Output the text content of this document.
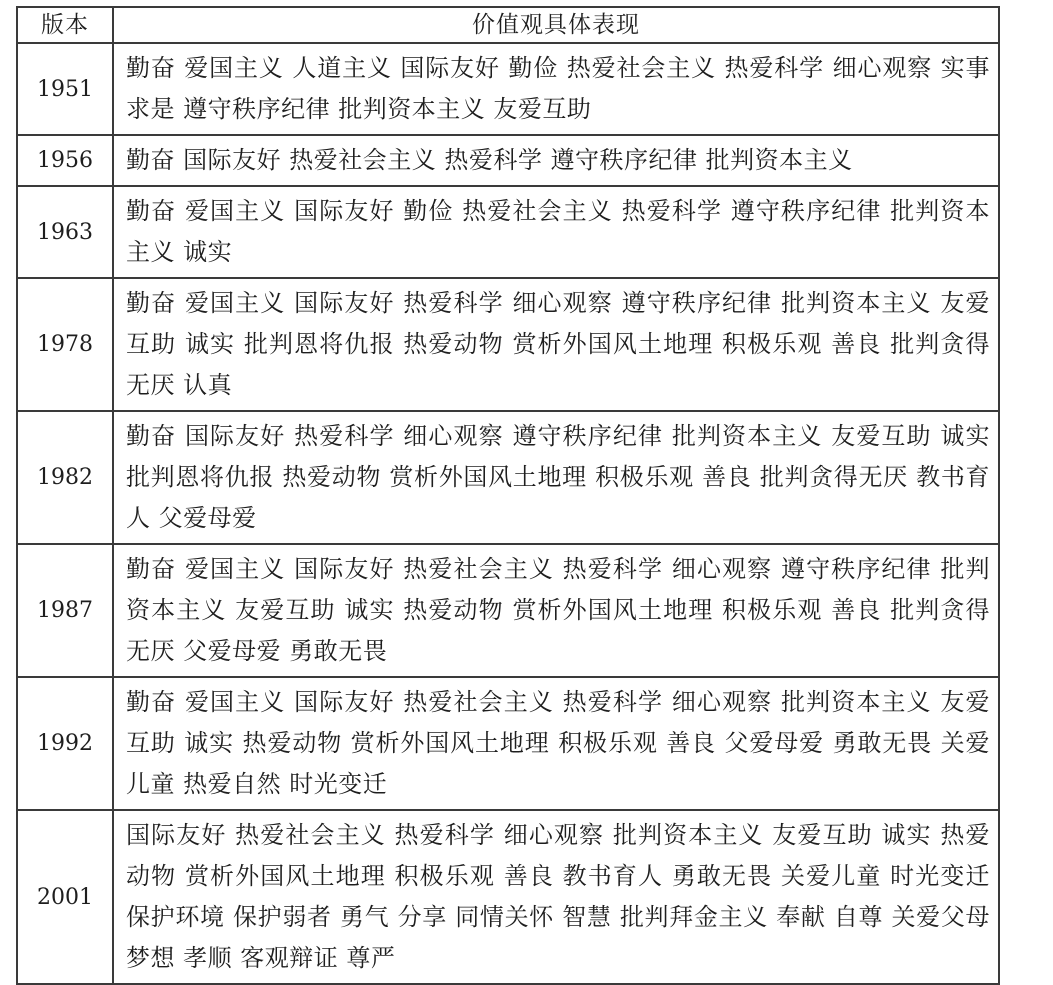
版本	价值观具体表现
1951	勤奋 爱国主义 人道主义 国际友好 勤俭 热爱社会主义 热爱科学 细心观察 实事求是 遵守秩序纪律 批判资本主义 友爱互助
1956	勤奋 国际友好 热爱社会主义 热爱科学 遵守秩序纪律 批判资本主义
1963	勤奋 爱国主义 国际友好 勤俭 热爱社会主义 热爱科学 遵守秩序纪律 批判资本主义 诚实
1978	勤奋 爱国主义 国际友好 热爱科学 细心观察 遵守秩序纪律 批判资本主义 友爱互助 诚实 批判恩将仇报 热爱动物 赏析外国风土地理 积极乐观 善良 批判贪得无厌 认真
1982	勤奋 国际友好 热爱科学 细心观察 遵守秩序纪律 批判资本主义 友爱互助 诚实 批判恩将仇报 热爱动物 赏析外国风土地理 积极乐观 善良 批判贪得无厌 教书育人 父爱母爱
1987	勤奋 爱国主义 国际友好 热爱社会主义 热爱科学 细心观察 遵守秩序纪律 批判资本主义 友爱互助 诚实 热爱动物 赏析外国风土地理 积极乐观 善良 批判贪得无厌 父爱母爱 勇敢无畏
1992	勤奋 爱国主义 国际友好 热爱社会主义 热爱科学 细心观察 批判资本主义 友爱互助 诚实 热爱动物 赏析外国风土地理 积极乐观 善良 父爱母爱 勇敢无畏 关爱儿童 热爱自然 时光变迁
2001	国际友好 热爱社会主义 热爱科学 细心观察 批判资本主义 友爱互助 诚实 热爱动物 赏析外国风土地理 积极乐观 善良 教书育人 勇敢无畏 关爱儿童 时光变迁 保护环境 保护弱者 勇气 分享 同情关怀 智慧 批判拜金主义 奉献 自尊 关爱父母 梦想 孝顺 客观辩证 尊严
